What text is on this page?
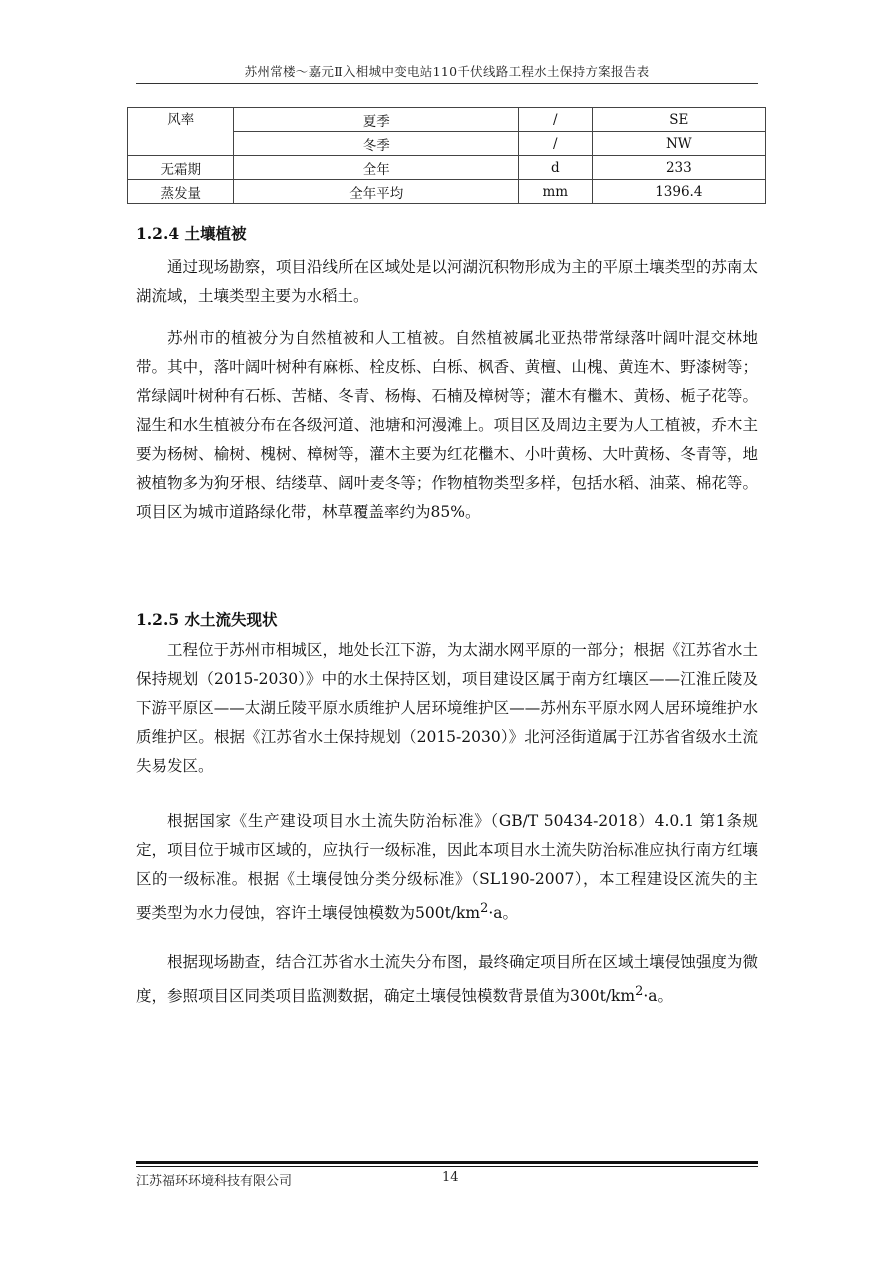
苏州常楼～嘉元Ⅱ入相城中变电站110千伏线路工程水土保持方案报告表
风率	夏季	/	SE
	冬季	/	NW
无霜期	全年	d	233
蒸发量	全年平均	mm	1396.4
1.2.4 土壤植被

通过现场勘察，项目沿线所在区域处是以河湖沉积物形成为主的平原土壤类型的苏南太湖流域，土壤类型主要为水稻土。

苏州市的植被分为自然植被和人工植被。自然植被属北亚热带常绿落叶阔叶混交林地带。其中，落叶阔叶树种有麻栎、栓皮栎、白栎、枫香、黄檀、山槐、黄连木、野漆树等；常绿阔叶树种有石栎、苦槠、冬青、杨梅、石楠及樟树等；灌木有檵木、黄杨、栀子花等。湿生和水生植被分布在各级河道、池塘和河漫滩上。项目区及周边主要为人工植被，乔木主要为杨树、榆树、槐树、樟树等，灌木主要为红花檵木、小叶黄杨、大叶黄杨、冬青等，地被植物多为狗牙根、结缕草、阔叶麦冬等；作物植物类型多样，包括水稻、油菜、棉花等。项目区为城市道路绿化带，林草覆盖率约为85%。

1.2.5 水土流失现状

工程位于苏州市相城区，地处长江下游，为太湖水网平原的一部分；根据《江苏省水土保持规划（2015-2030）》中的水土保持区划，项目建设区属于南方红壤区——江淮丘陵及下游平原区——太湖丘陵平原水质维护人居环境维护区——苏州东平原水网人居环境维护水质维护区。根据《江苏省水土保持规划（2015-2030）》北河泾街道属于江苏省省级水土流失易发区。

根据国家《生产建设项目水土流失防治标准》（GB/T 50434-2018）4.0.1 第1条规定，项目位于城市区域的，应执行一级标准，因此本项目水土流失防治标准应执行南方红壤区的一级标准。根据《土壤侵蚀分类分级标准》（SL190-2007），本工程建设区流失的主要类型为水力侵蚀，容许土壤侵蚀模数为$500t/km^2\cdot a$。

根据现场勘查，结合江苏省水土流失分布图，最终确定项目所在区域土壤侵蚀强度为微度，参照项目区同类项目监测数据，确定土壤侵蚀模数背景值为$300t/km^2\cdot a$。

江苏福环环境科技有限公司	14
